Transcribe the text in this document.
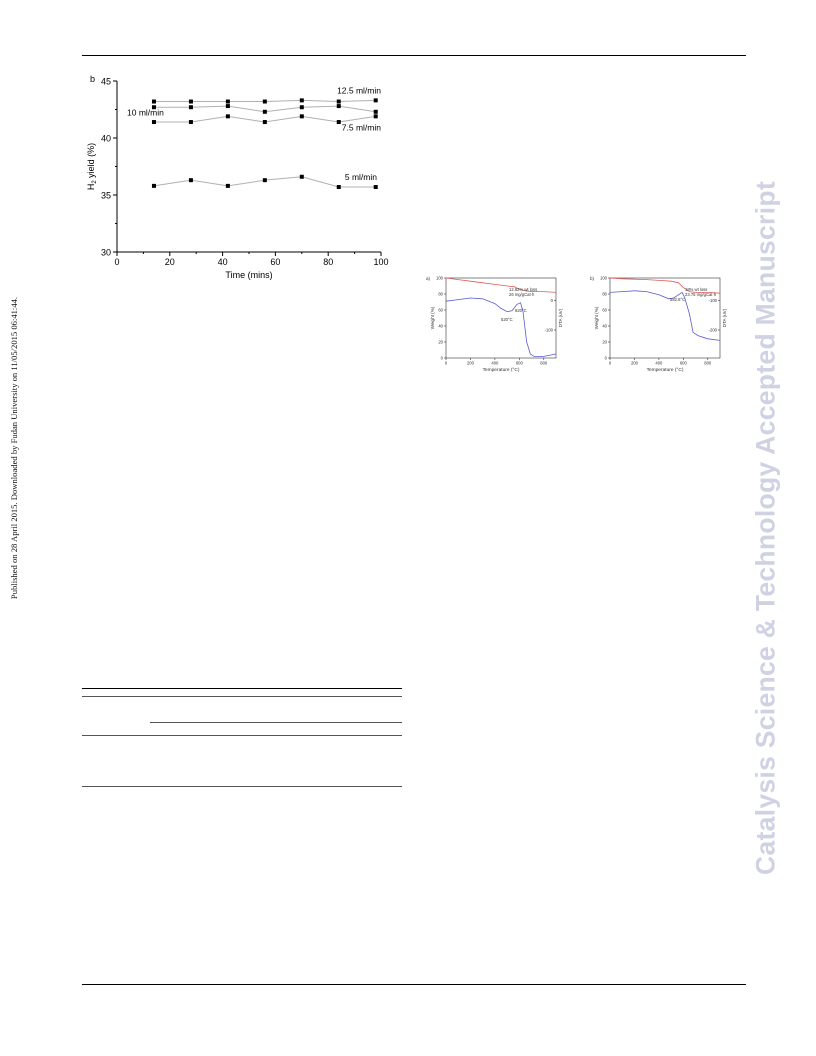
Published on 28 April 2015. Downloaded by Fudan University on 11/05/2015 06:41:44.	Catalysis Science & Technology Accepted Manuscript
30
35
40
45
0	20	40	60	80	100
Time (mins)
$H_2$ yield (%)
b
12.5 ml/min
10 ml/min
7.5 ml/min
5 ml/min
0
20
40
60
80
100
0	200	400	600	800
Temperature (°C)
Weight (%)	DTA (uV)
0
-100
a)
12.82% wt loss
26 mg/gCat·h
620°C
520°C
0
20
40
60
80
100
0	200	400	600	800
Temperature (°C)
Weight (%)	DTA (uV)
-100
-200
b)
18% wt loss
23.75 mg/gCat·h
582.8°C
